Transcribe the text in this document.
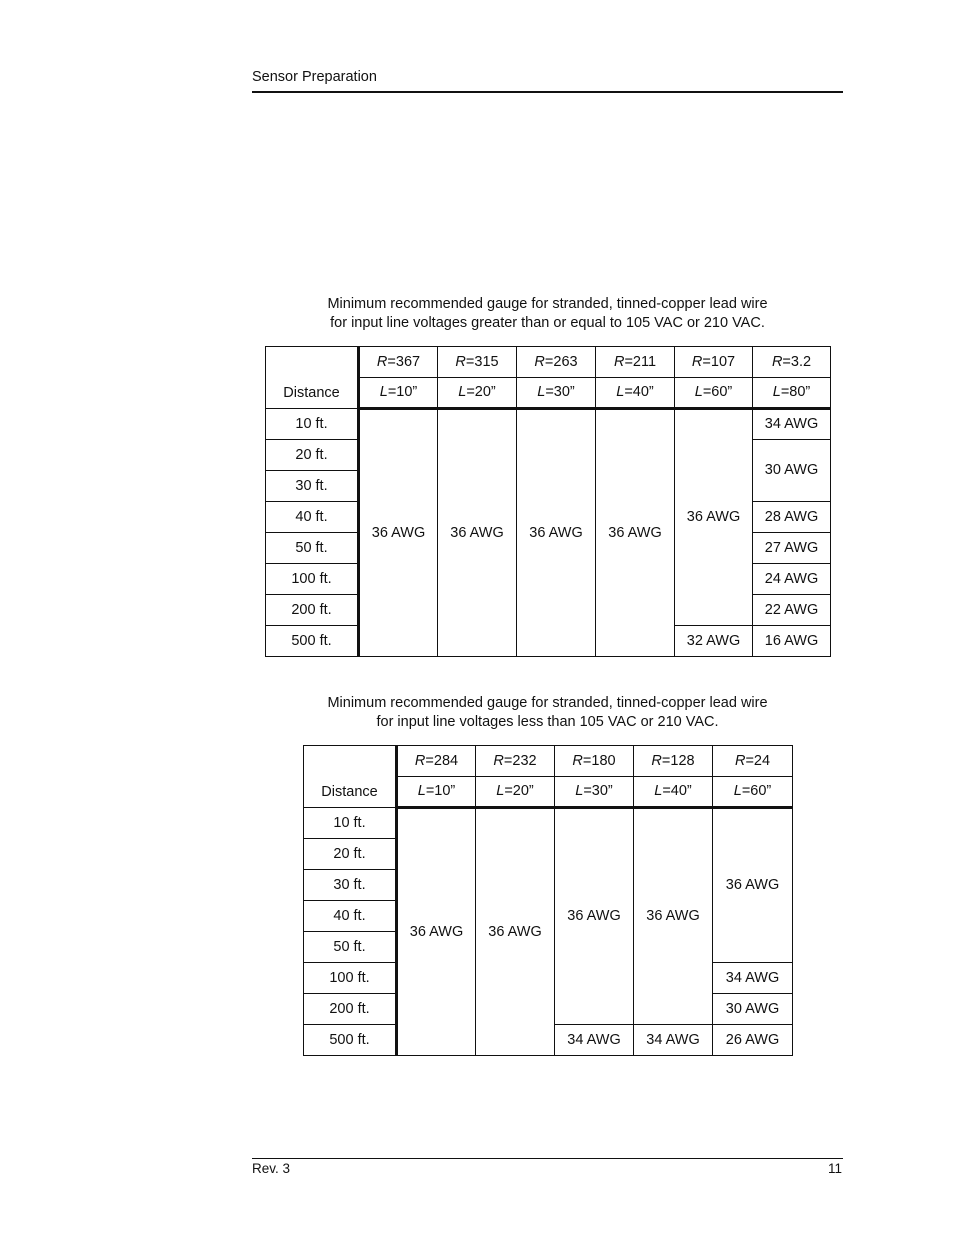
Sensor Preparation
Minimum recommended gauge for stranded, tinned-copper lead wire
for input line voltages greater than or equal to 105 VAC or 210 VAC.
Distance	R=367	R=315	R=263	R=211	R=107	R=3.2
	L=10”	L=20”	L=30”	L=40”	L=60”	L=80”
10 ft.	36 AWG	36 AWG	36 AWG	36 AWG	36 AWG	34 AWG
20 ft.						30 AWG
30 ft.						
40 ft.						28 AWG
50 ft.						27 AWG
100 ft.						24 AWG
200 ft.						22 AWG
500 ft.					32 AWG	16 AWG
Minimum recommended gauge for stranded, tinned-copper lead wire
for input line voltages less than 105 VAC or 210 VAC.
Distance	R=284	R=232	R=180	R=128	R=24
	L=10”	L=20”	L=30”	L=40”	L=60”
10 ft.	36 AWG	36 AWG	36 AWG	36 AWG	36 AWG
20 ft.					
30 ft.					
40 ft.					
50 ft.					
100 ft.					34 AWG
200 ft.					30 AWG
500 ft.			34 AWG	34 AWG	26 AWG
Rev. 3	11
